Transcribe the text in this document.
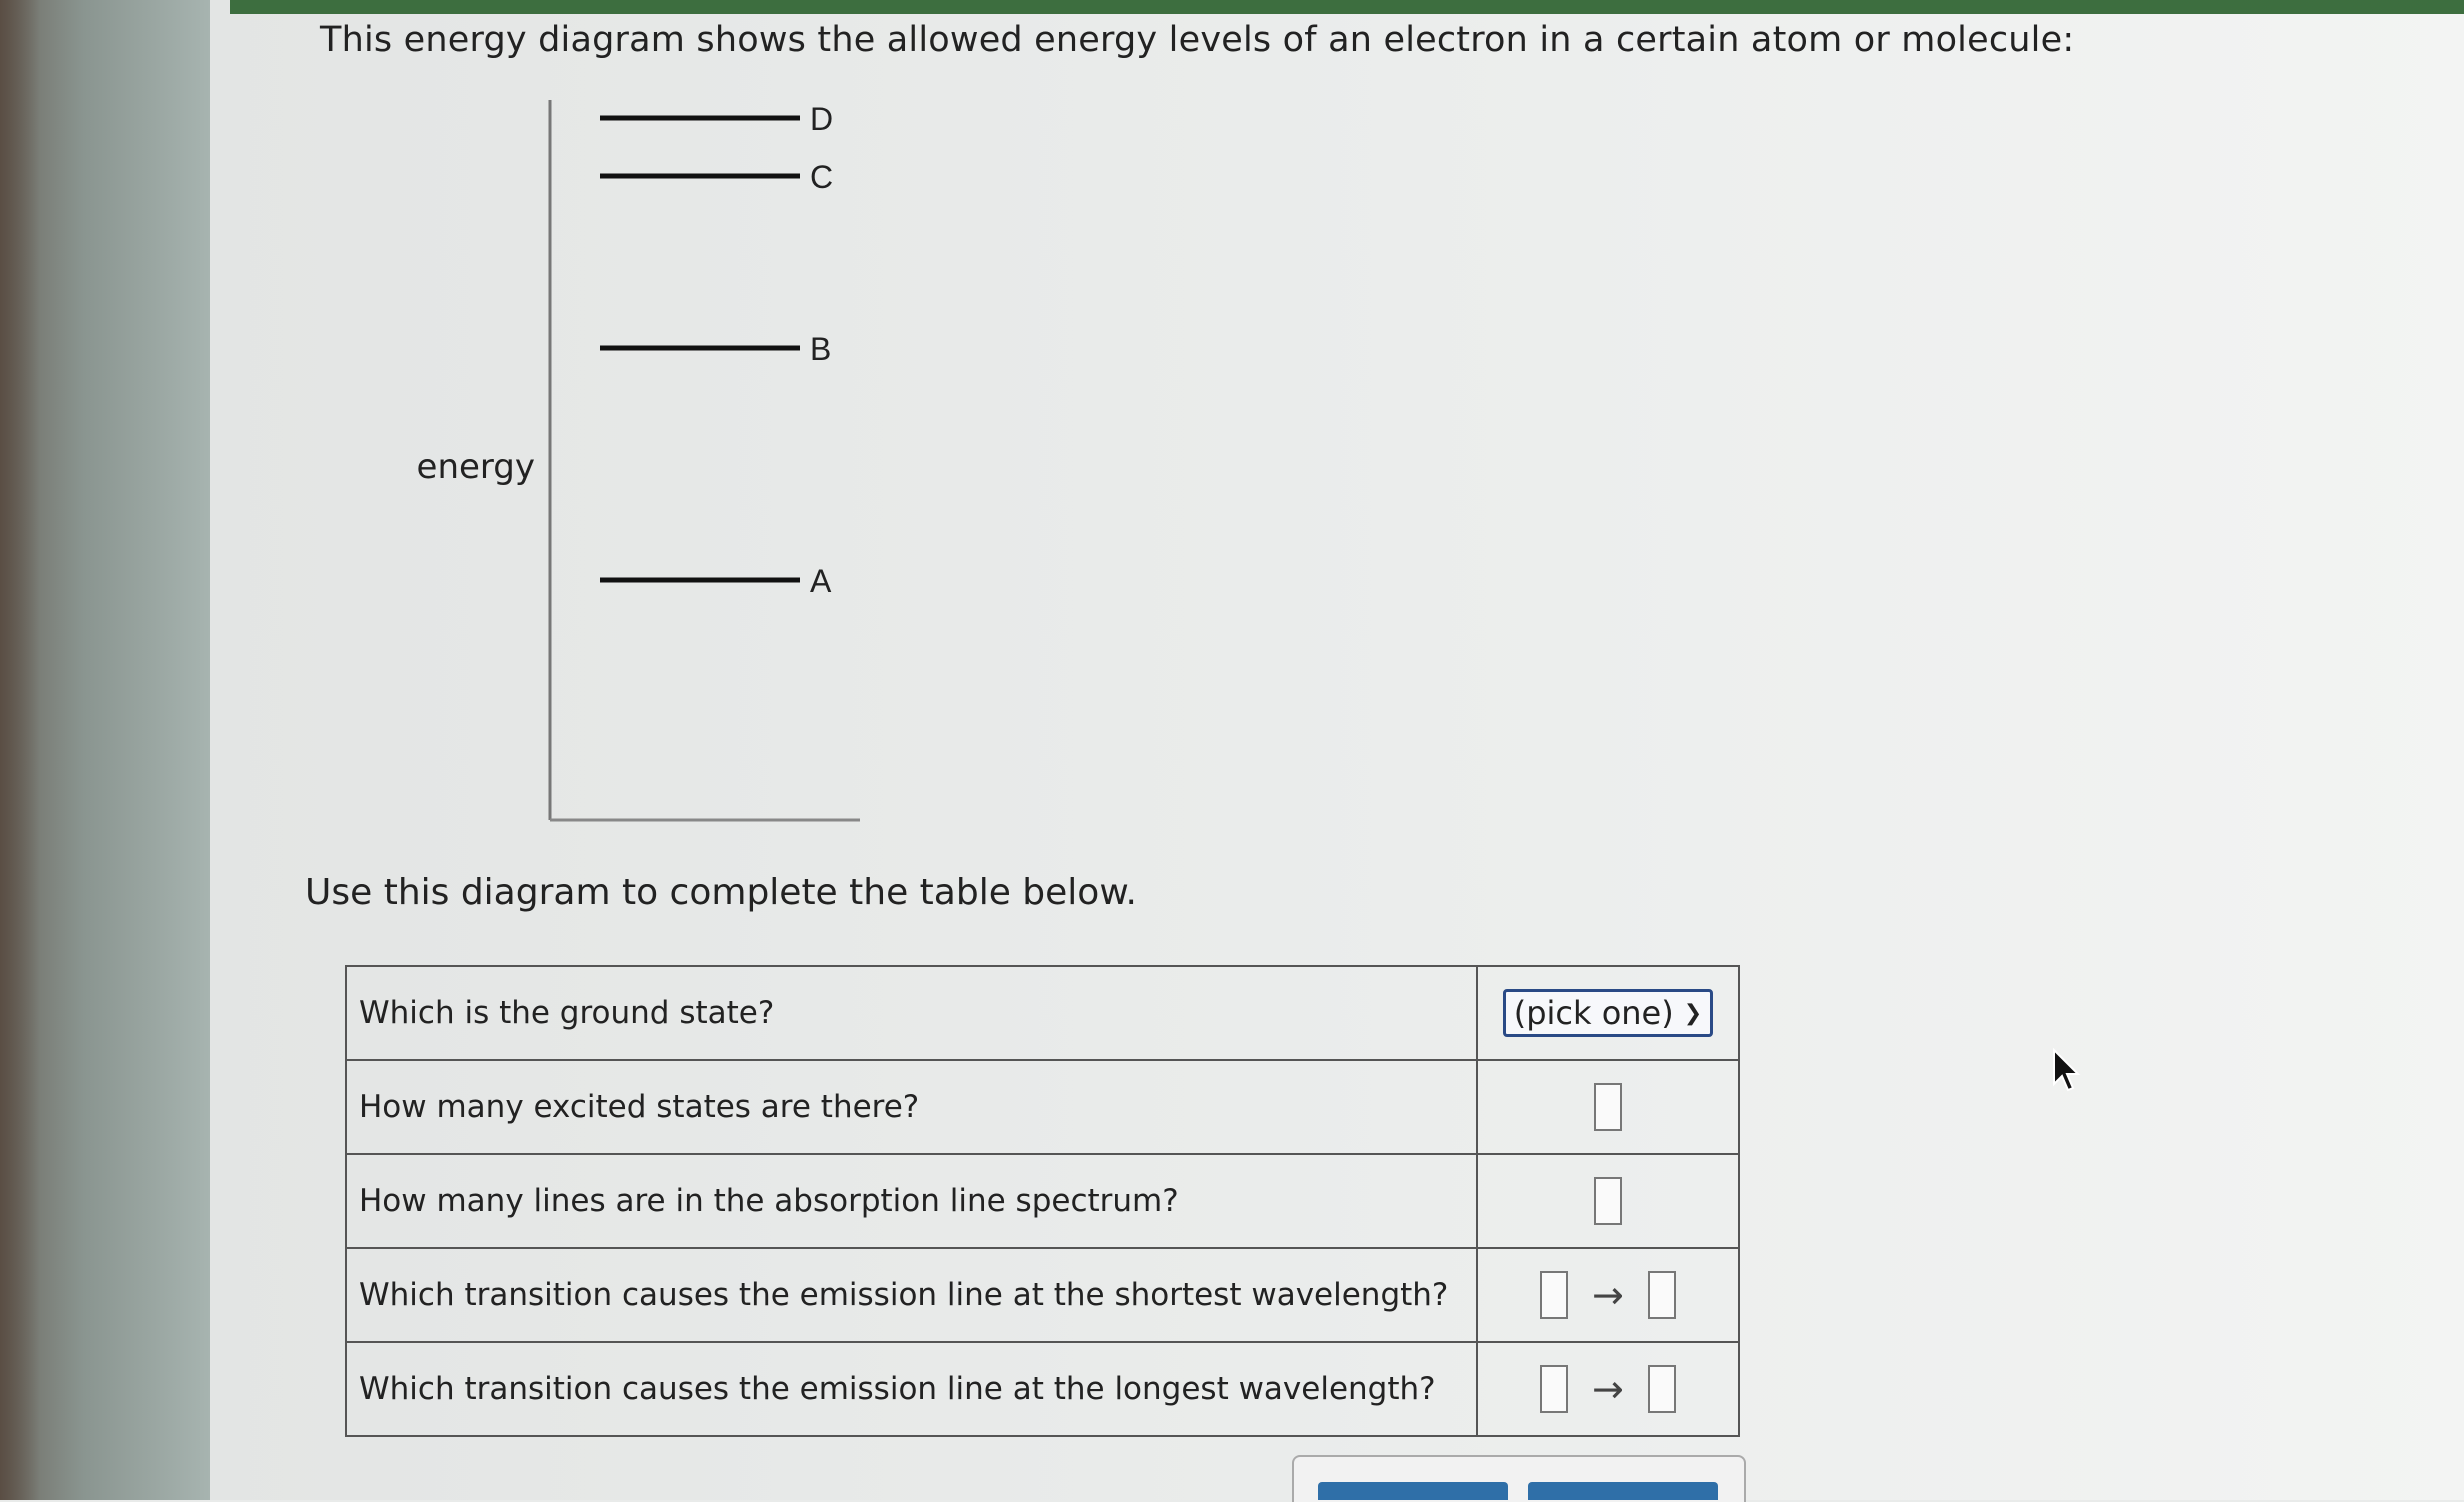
This energy diagram shows the allowed energy levels of an electron in a certain atom or molecule:
D
C
B
A
energy
Use this diagram to complete the table below.
Which is the ground state?	(pick one) ❯

How many excited states are there?	
How many lines are in the absorption line spectrum?	
Which transition causes the emission line at the shortest wavelength?	→
Which transition causes the emission line at the longest wavelength?	→
